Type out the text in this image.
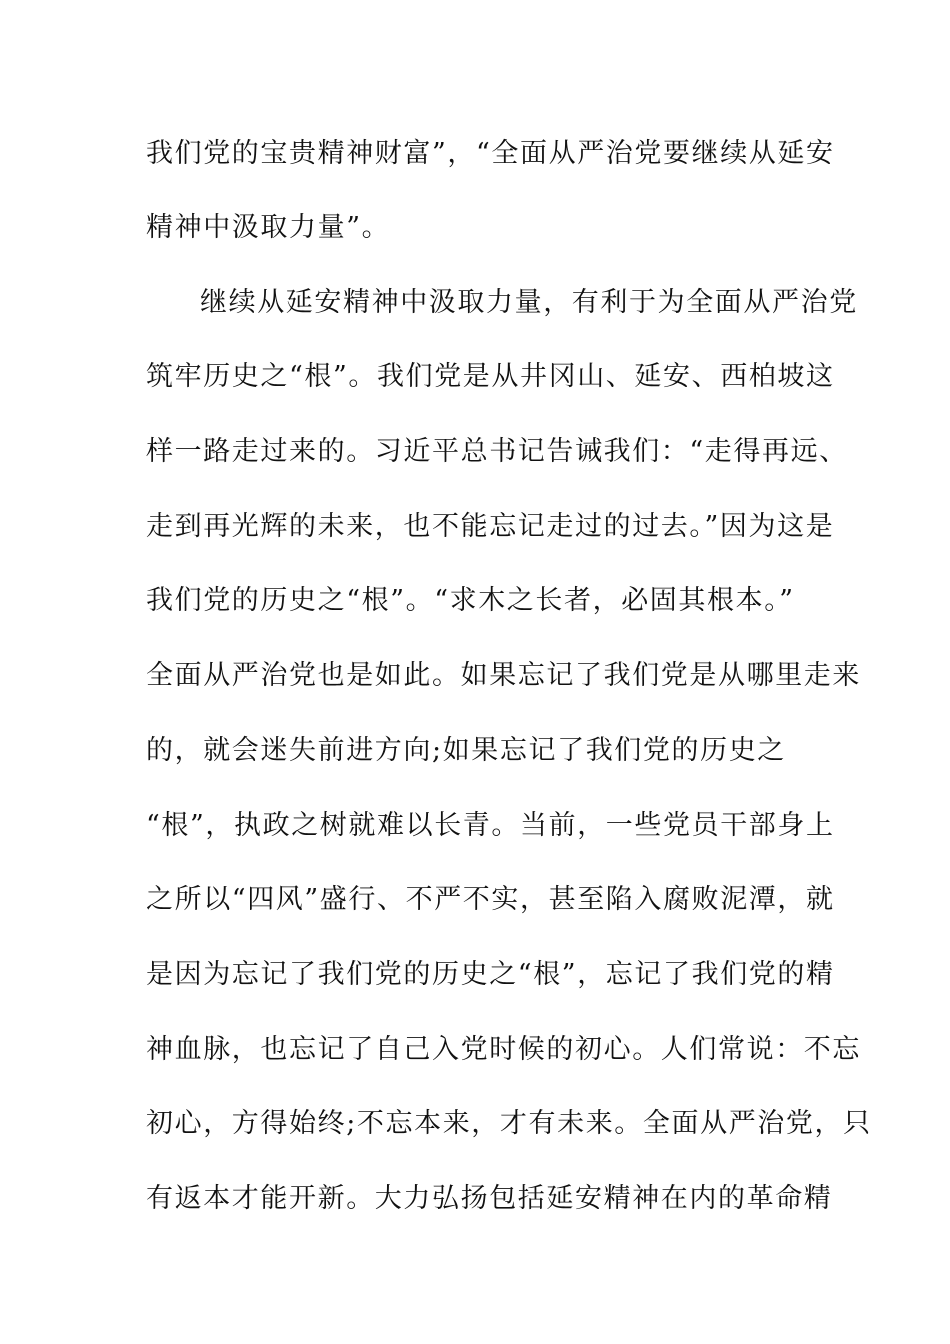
我们党的宝贵精神财富”，“全面从严治党要继续从延安
精神中汲取力量”。
继续从延安精神中汲取力量，有利于为全面从严治党
筑牢历史之“根”。我们党是从井冈山、延安、西柏坡这
样一路走过来的。习近平总书记告诫我们：“走得再远、
走到再光辉的未来，也不能忘记走过的过去。”因为这是
我们党的历史之“根”。“求木之长者，必固其根本。”
全面从严治党也是如此。如果忘记了我们党是从哪里走来
的，就会迷失前进方向;如果忘记了我们党的历史之
“根”，执政之树就难以长青。当前，一些党员干部身上
之所以“四风”盛行、不严不实，甚至陷入腐败泥潭，就
是因为忘记了我们党的历史之“根”，忘记了我们党的精
神血脉，也忘记了自己入党时候的初心。人们常说：不忘
初心，方得始终;不忘本来，才有未来。全面从严治党，只
有返本才能开新。大力弘扬包括延安精神在内的革命精
